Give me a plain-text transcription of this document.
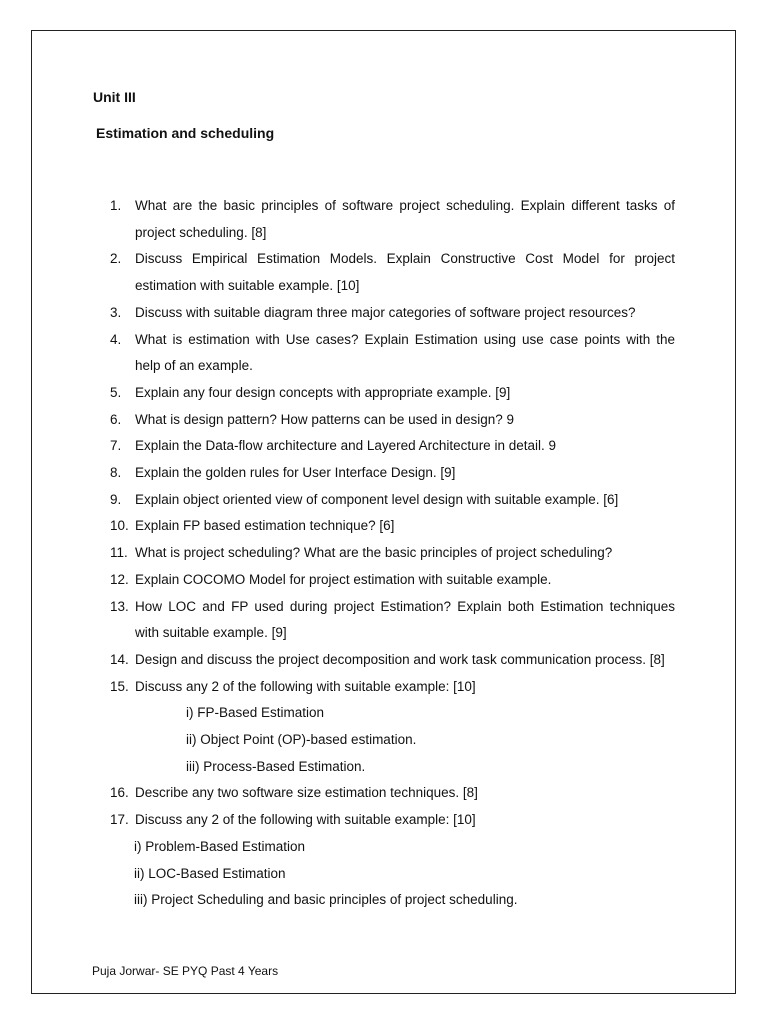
Unit III
Estimation and scheduling
1. What are the basic principles of software project scheduling. Explain different tasks of project scheduling. [8]
2. Discuss Empirical Estimation Models. Explain Constructive Cost Model for project estimation with suitable example. [10]
3. Discuss with suitable diagram three major categories of software project resources?
4. What is estimation with Use cases? Explain Estimation using use case points with the help of an example.
5. Explain any four design concepts with appropriate example. [9]
6. What is design pattern? How patterns can be used in design? 9
7. Explain the Data-flow architecture and Layered Architecture in detail. 9
8. Explain the golden rules for User Interface Design. [9]
9. Explain object oriented view of component level design with suitable example. [6]
10. Explain FP based estimation technique? [6]
11. What is project scheduling? What are the basic principles of project scheduling?
12. Explain COCOMO Model for project estimation with suitable example.
13. How LOC and FP used during project Estimation? Explain both Estimation techniques with suitable example. [9]
14. Design and discuss the project decomposition and work task communication process. [8]
15. Discuss any 2 of the following with suitable example: [10]
i) FP-Based Estimation
ii) Object Point (OP)-based estimation.
iii) Process-Based Estimation.
16. Describe any two software size estimation techniques. [8]
17. Discuss any 2 of the following with suitable example: [10]
i) Problem-Based Estimation
ii) LOC-Based Estimation
iii) Project Scheduling and basic principles of project scheduling.
Puja Jorwar- SE PYQ Past 4 Years
